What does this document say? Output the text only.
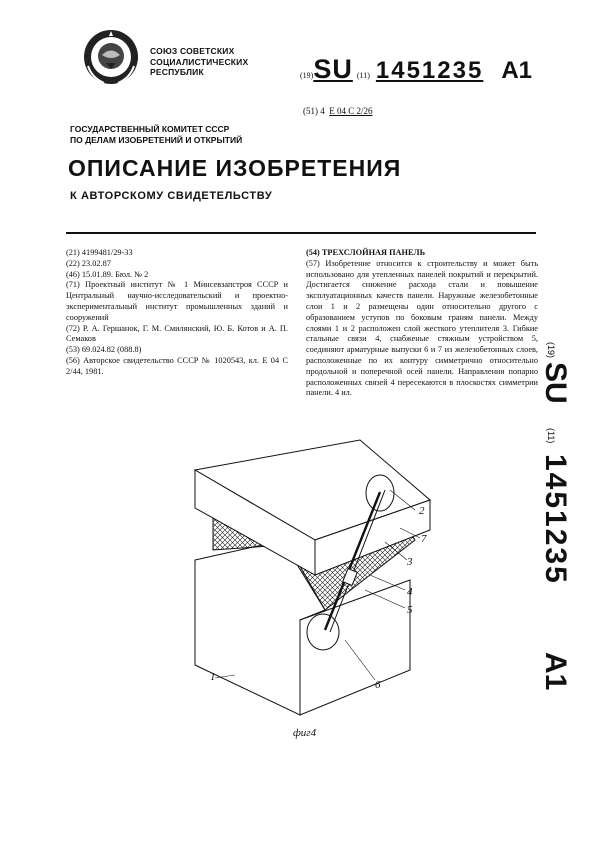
СОЮЗ СОВЕТСКИХ
СОЦИАЛИСТИЧЕСКИХ
РЕСПУБЛИК	(19)SU (11) 1451235 A1
(51) 4 E 04 C 2/26
ГОСУДАРСТВЕННЫЙ КОМИТЕТ СССР
ПО ДЕЛАМ ИЗОБРЕТЕНИЙ И ОТКРЫТИЙ
ОПИСАНИЕ ИЗОБРЕТЕНИЯ
К АВТОРСКОМУ СВИДЕТЕЛЬСТВУ
(21) 4199481/29-33
(22) 23.02.87
(46) 15.01.89. Бюл. № 2
(71) Проектный институт № 1 Минсевзапстроя СССР и Центральный научно-исследовательский и проектно-экспериментальный институт промышленных зданий и сооружений
(72) Р. А. Гершанок, Г. М. Смилянский, Ю. Б. Котов и А. П. Семаков
(53) 69.024.82 (088.8)
(56) Авторское свидетельство СССР № 1020543, кл. E 04 C 2/44, 1981.
(54) ТРЕХСЛОЙНАЯ ПАНЕЛЬ
(57) Изобретение относится к строительству и может быть использовано для утепленных панелей покрытий и перекрытий. Достигается снижение расхода стали и повышение эксплуатационных качеств панели. Наружные железобетонные слои 1 и 2 размещены один относительно другого с образованием уступов по боковым граням панели. Между слоями 1 и 2 расположен слой жесткого утеплителя 3. Гибкие стальные связи 4, снабженые стяжным устройством 5, соединяют арматурные выпуски 6 и 7 из железобетонных слоев, расположенные по их контуру симметрично относительно продольной и поперечной осей панели. Направления попарно расположенных связей 4 пересекаются в плоскостях симметрии панели. 4 ил.
(19)
SU
(11)
1451235
A1
1
2
3
4
5
6
7
фиг4
